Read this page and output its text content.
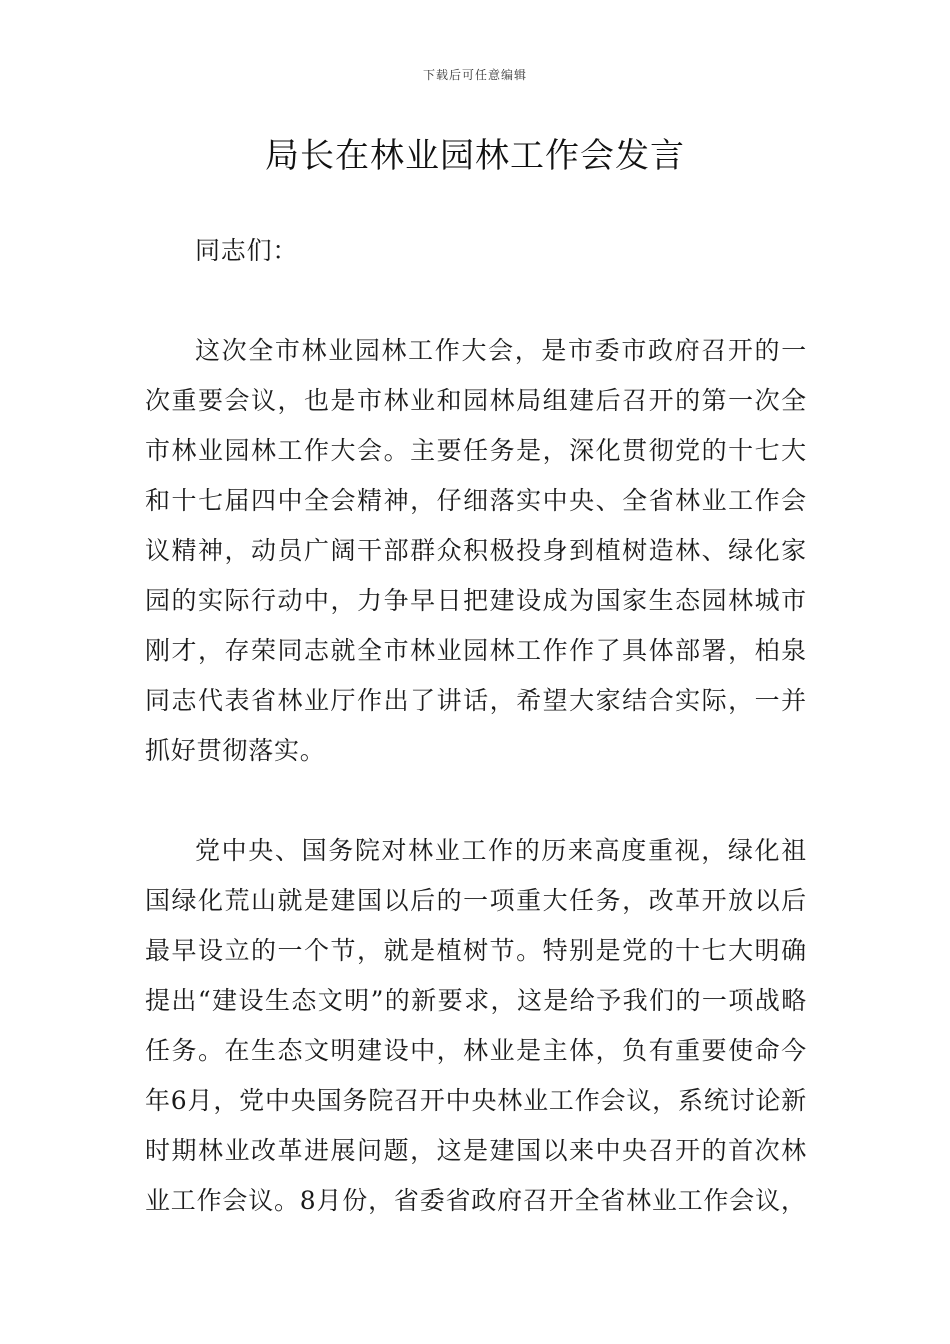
下载后可任意编辑
局长在林业园林工作会发言

同志们：

这次全市林业园林工作大会，是市委市政府召开的一次重要会议，也是市林业和园林局组建后召开的第一次全市林业园林工作大会。主要任务是，深化贯彻党的十七大和十七届四中全会精神，仔细落实中央、全省林业工作会议精神，动员广阔干部群众积极投身到植树造林、绿化家园的实际行动中，力争早日把建设成为国家生态园林城市刚才，存荣同志就全市林业园林工作作了具体部署，柏泉同志代表省林业厅作出了讲话，希望大家结合实际，一并抓好贯彻落实。

党中央、国务院对林业工作的历来高度重视，绿化祖国绿化荒山就是建国以后的一项重大任务，改革开放以后最早设立的一个节，就是植树节。特别是党的十七大明确提出“建设生态文明”的新要求，这是给予我们的一项战略任务。在生态文明建设中，林业是主体，负有重要使命今年6月，党中央国务院召开中央林业工作会议，系统讨论新时期林业改革进展问题，这是建国以来中央召开的首次林业工作会议。8月份，省委省政府召开全省林业工作会议，
